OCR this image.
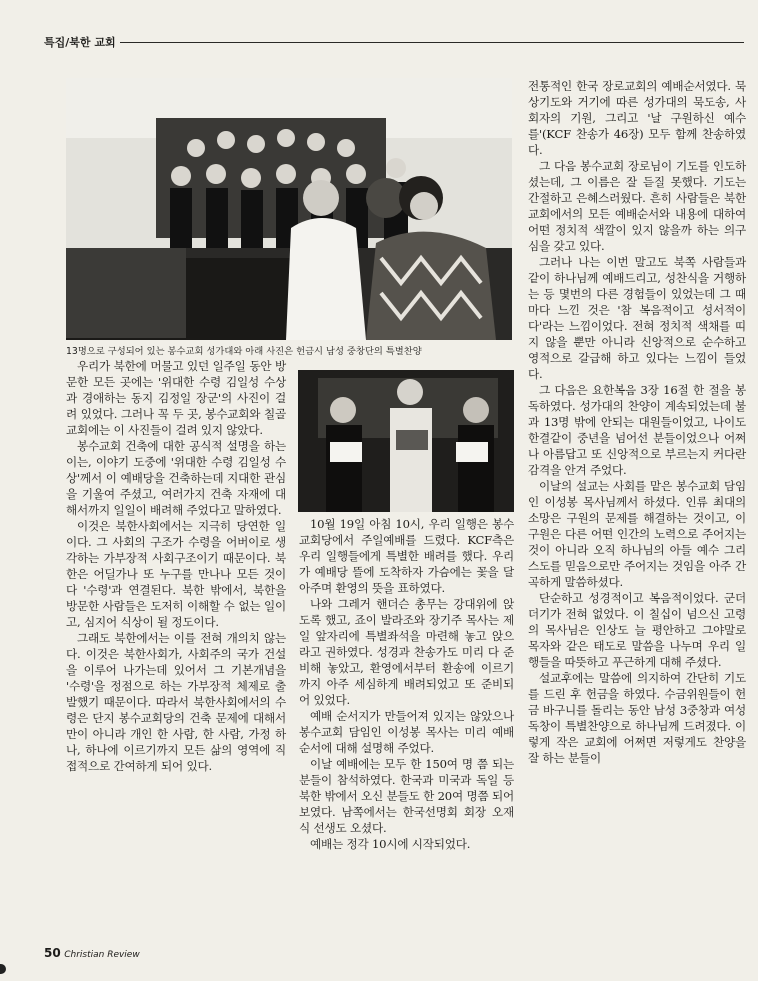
특집/북한 교회
13명으로 구성되어 있는 봉수교회 성가대와 아래 사진은 헌금시 남성 중창단의 특별찬양

우리가 북한에 머물고 있던 일주일 동안 방문한 모든 곳에는 '위대한 수령 김일성 수상과 경애하는 동지 김정일 장군'의 사진이 걸려 있었다. 그러나 꼭 두 곳, 봉수교회와 칠골교회에는 이 사진들이 걸려 있지 않았다.

봉수교회 건축에 대한 공식적 설명을 하는 이는, 이야기 도중에 '위대한 수령 김일성 수상'께서 이 예배당을 건축하는데 지대한 관심을 기울여 주셨고, 여러가지 건축 자재에 대해서까지 일일이 배려해 주었다고 말하였다.

이것은 북한사회에서는 지극히 당연한 일이다. 그 사회의 구조가 수령을 어버이로 생각하는 가부장적 사회구조이기 때문이다. 북한은 어딜가나 또 누구를 만나나 모든 것이 다 '수령'과 연결된다. 북한 밖에서, 북한을 방문한 사람들은 도저히 이해할 수 없는 일이고, 심지어 식상이 될 정도이다.

그래도 북한에서는 이를 전혀 개의치 않는다. 이것은 북한사회가, 사회주의 국가 건설을 이루어 나가는데 있어서 그 기본개념을 '수령'을 정점으로 하는 가부장적 체제로 출발했기 때문이다. 따라서 북한사회에서의 수령은 단지 봉수교회당의 건축 문제에 대해서만이 아니라 개인 한 사람, 한 사람, 가정 하나, 하나에 이르기까지 모든 삶의 영역에 직접적으로 간여하게 되어 있다.

10월 19일 아침 10시, 우리 일행은 봉수교회당에서 주일예배를 드렸다. KCF측은 우리 일행들에게 특별한 배려를 했다. 우리가 예배당 뜰에 도착하자 가슴에는 꽃을 달아주며 환영의 뜻을 표하였다.

나와 그레거 핸더슨 총무는 강대위에 앉도록 했고, 죠이 발라조와 장기주 목사는 제일 앞자리에 특별좌석을 마련해 놓고 앉으라고 권하였다. 성경과 찬송가도 미리 다 준비해 놓았고, 환영에서부터 환송에 이르기까지 아주 세심하게 배려되었고 또 준비되어 있었다.

예배 순서지가 만들어져 있지는 않았으나 봉수교회 담임인 이성봉 목사는 미리 예배 순서에 대해 설명해 주었다.

이날 예배에는 모두 한 150여 명 쯤 되는 분들이 참석하였다. 한국과 미국과 독일 등 북한 밖에서 오신 분들도 한 20여 명쯤 되어 보였다. 남쪽에서는 한국선명회 회장 오재식 선생도 오셨다.

예배는 정각 10시에 시작되었다.

전통적인 한국 장로교회의 예배순서였다. 묵상기도와 거기에 따른 성가대의 묵도송, 사회자의 기원, 그리고 '날 구원하신 예수를'(KCF 찬송가 46장) 모두 함께 찬송하였다.

그 다음 봉수교회 장로님이 기도를 인도하셨는데, 그 이름은 잘 듣질 못했다. 기도는 간절하고 은혜스러웠다. 흔히 사람들은 북한교회에서의 모든 예배순서와 내용에 대하여 어떤 정치적 색깔이 있지 않을까 하는 의구심을 갖고 있다.

그러나 나는 이번 말고도 북쪽 사람들과 같이 하나님께 예배드리고, 성찬식을 거행하는 등 몇번의 다른 경험들이 있었는데 그 때마다 느낀 것은 '참 복음적이고 성서적이다'라는 느낌이었다. 전혀 정치적 색채를 띠지 않을 뿐만 아니라 신앙적으로 순수하고 영적으로 갈급해 하고 있다는 느낌이 들었다.

그 다음은 요한복음 3장 16절 한 절을 봉독하였다. 성가대의 찬양이 계속되었는데 불과 13명 밖에 안되는 대원들이었고, 나이도 한결같이 중년을 넘어선 분들이었으나 어쩌나 아름답고 또 신앙적으로 부르는지 커다란 감격을 안겨 주었다.

이날의 설교는 사회를 맡은 봉수교회 담임인 이성봉 목사님께서 하셨다. 인류 최대의 소망은 구원의 문제를 해결하는 것이고, 이 구원은 다른 어떤 인간의 노력으로 주어지는 것이 아니라 오직 하나님의 아들 예수 그리스도를 믿음으로만 주어지는 것임을 아주 간곡하게 말씀하셨다.

단순하고 성경적이고 복음적이었다. 군더더기가 전혀 없었다. 이 칠십이 넘으신 고령의 목사님은 인상도 늘 평안하고 그야말로 목자와 같은 태도로 말씀을 나누며 우리 일행들을 따뜻하고 푸근하게 대해 주셨다.

설교후에는 말씀에 의지하여 간단히 기도를 드린 후 헌금을 하였다. 수금위원들이 헌금 바구니를 돌리는 동안 남성 3중창과 여성 독창이 특별찬양으로 하나님께 드려졌다. 이렇게 작은 교회에 어쩌면 저렇게도 찬양을 잘 하는 분들이

50 Christian Review
